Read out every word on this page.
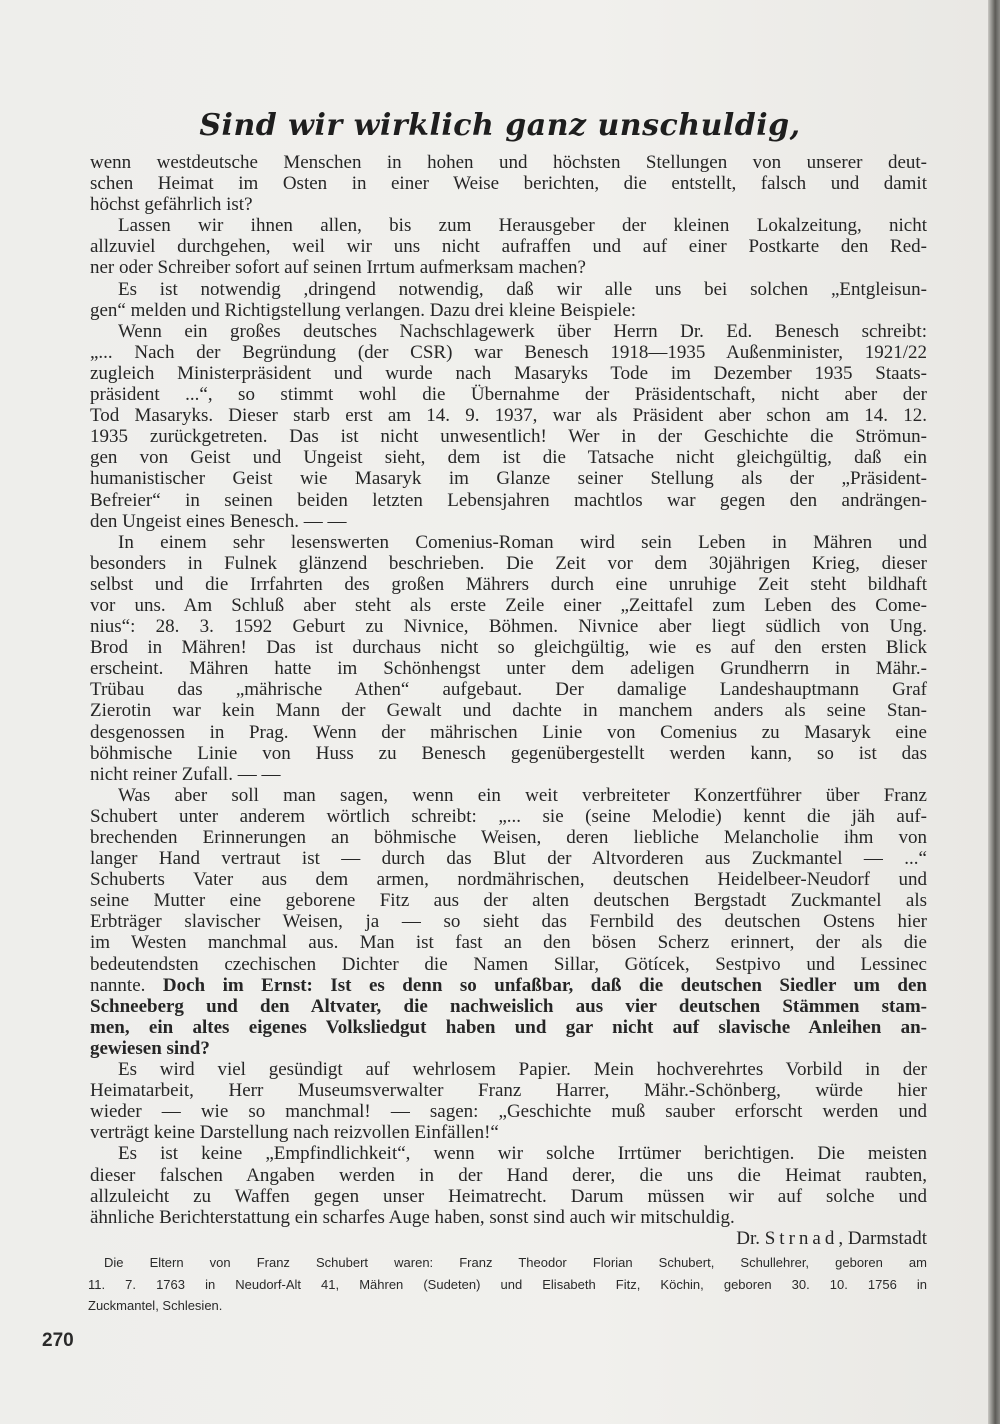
Sind wir wirklich ganz unschuldig,
wenn westdeutsche Menschen in hohen und höchsten Stellungen von unserer deut-
schen Heimat im Osten in einer Weise berichten, die entstellt, falsch und damit
höchst gefährlich ist?
Lassen wir ihnen allen, bis zum Herausgeber der kleinen Lokalzeitung, nicht
allzuviel durchgehen, weil wir uns nicht aufraffen und auf einer Postkarte den Red-
ner oder Schreiber sofort auf seinen Irrtum aufmerksam machen?
Es ist notwendig ,dringend notwendig, daß wir alle uns bei solchen „Entgleisun-
gen“ melden und Richtigstellung verlangen. Dazu drei kleine Beispiele:
Wenn ein großes deutsches Nachschlagewerk über Herrn Dr. Ed. Benesch schreibt:
„... Nach der Begründung (der CSR) war Benesch 1918—1935 Außenminister, 1921/22
zugleich Ministerpräsident und wurde nach Masaryks Tode im Dezember 1935 Staats-
präsident ...“, so stimmt wohl die Übernahme der Präsidentschaft, nicht aber der
Tod Masaryks. Dieser starb erst am 14. 9. 1937, war als Präsident aber schon am 14. 12.
1935 zurückgetreten. Das ist nicht unwesentlich! Wer in der Geschichte die Strömun-
gen von Geist und Ungeist sieht, dem ist die Tatsache nicht gleichgültig, daß ein
humanistischer Geist wie Masaryk im Glanze seiner Stellung als der „Präsident-
Befreier“ in seinen beiden letzten Lebensjahren machtlos war gegen den andrängen-
den Ungeist eines Benesch. — —
In einem sehr lesenswerten Comenius-Roman wird sein Leben in Mähren und
besonders in Fulnek glänzend beschrieben. Die Zeit vor dem 30jährigen Krieg, dieser
selbst und die Irrfahrten des großen Mährers durch eine unruhige Zeit steht bildhaft
vor uns. Am Schluß aber steht als erste Zeile einer „Zeittafel zum Leben des Come-
nius“: 28. 3. 1592 Geburt zu Nivnice, Böhmen. Nivnice aber liegt südlich von Ung.
Brod in Mähren! Das ist durchaus nicht so gleichgültig, wie es auf den ersten Blick
erscheint. Mähren hatte im Schönhengst unter dem adeligen Grundherrn in Mähr.-
Trübau das „mährische Athen“ aufgebaut. Der damalige Landeshauptmann Graf
Zierotin war kein Mann der Gewalt und dachte in manchem anders als seine Stan-
desgenossen in Prag. Wenn der mährischen Linie von Comenius zu Masaryk eine
böhmische Linie von Huss zu Benesch gegenübergestellt werden kann, so ist das
nicht reiner Zufall. — —
Was aber soll man sagen, wenn ein weit verbreiteter Konzertführer über Franz
Schubert unter anderem wörtlich schreibt: „... sie (seine Melodie) kennt die jäh auf-
brechenden Erinnerungen an böhmische Weisen, deren liebliche Melancholie ihm von
langer Hand vertraut ist — durch das Blut der Altvorderen aus Zuckmantel — ...“
Schuberts Vater aus dem armen, nordmährischen, deutschen Heidelbeer-Neudorf und
seine Mutter eine geborene Fitz aus der alten deutschen Bergstadt Zuckmantel als
Erbträger slavischer Weisen, ja — so sieht das Fernbild des deutschen Ostens hier
im Westen manchmal aus. Man ist fast an den bösen Scherz erinnert, der als die
bedeutendsten czechischen Dichter die Namen Sillar, Götícek, Sestpivo und Lessinec
nannte. Doch im Ernst: Ist es denn so unfaßbar, daß die deutschen Siedler um den
Schneeberg und den Altvater, die nachweislich aus vier deutschen Stämmen stam-
men, ein altes eigenes Volksliedgut haben und gar nicht auf slavische Anleihen an-
gewiesen sind?
Es wird viel gesündigt auf wehrlosem Papier. Mein hochverehrtes Vorbild in der
Heimatarbeit, Herr Museumsverwalter Franz Harrer, Mähr.-Schönberg, würde hier
wieder — wie so manchmal! — sagen: „Geschichte muß sauber erforscht werden und
verträgt keine Darstellung nach reizvollen Einfällen!“
Es ist keine „Empfindlichkeit“, wenn wir solche Irrtümer berichtigen. Die meisten
dieser falschen Angaben werden in der Hand derer, die uns die Heimat raubten,
allzuleicht zu Waffen gegen unser Heimatrecht. Darum müssen wir auf solche und
ähnliche Berichterstattung ein scharfes Auge haben, sonst sind auch wir mitschuldig.
Dr. Strnad, Darmstadt
Die Eltern von Franz Schubert waren: Franz Theodor Florian Schubert, Schullehrer, geboren am
11. 7. 1763 in Neudorf-Alt 41, Mähren (Sudeten) und Elisabeth Fitz, Köchin, geboren 30. 10. 1756 in
Zuckmantel, Schlesien.
270
